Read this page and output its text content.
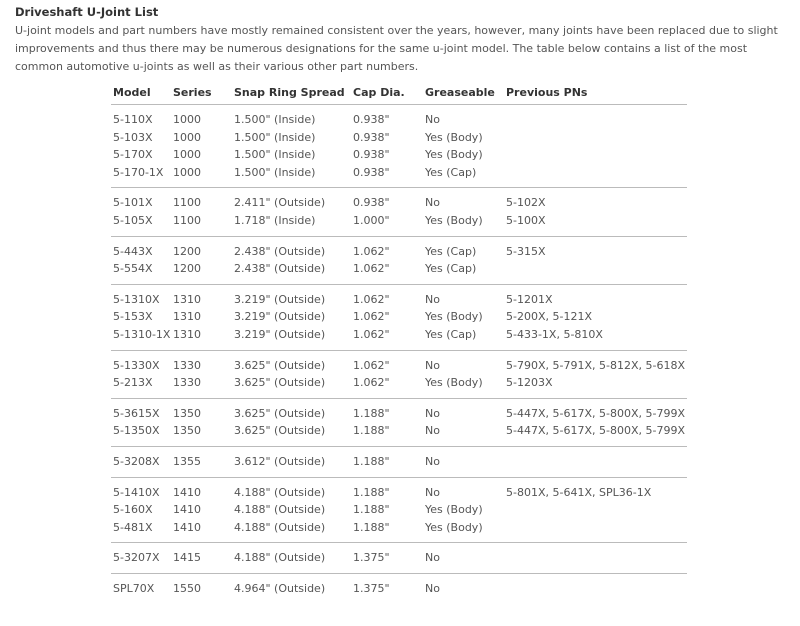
Driveshaft U-Joint List

U-joint models and part numbers have mostly remained consistent over the years, however, many joints have been replaced due to slight improvements and thus there may be numerous designations for the same u-joint model. The table below contains a list of the most common automotive u-joints as well as their various other part numbers.

Model	Series	Snap Ring Spread	Cap Dia.	Greaseable	Previous PNs
5-110X	1000	1.500" (Inside)	0.938"	No	
5-103X	1000	1.500" (Inside)	0.938"	Yes (Body)	
5-170X	1000	1.500" (Inside)	0.938"	Yes (Body)	
5-170-1X	1000	1.500" (Inside)	0.938"	Yes (Cap)	
5-101X	1100	2.411" (Outside)	0.938"	No	5-102X
5-105X	1100	1.718" (Inside)	1.000"	Yes (Body)	5-100X
5-443X	1200	2.438" (Outside)	1.062"	Yes (Cap)	5-315X
5-554X	1200	2.438" (Outside)	1.062"	Yes (Cap)	
5-1310X	1310	3.219" (Outside)	1.062"	No	5-1201X
5-153X	1310	3.219" (Outside)	1.062"	Yes (Body)	5-200X, 5-121X
5-1310-1X	1310	3.219" (Outside)	1.062"	Yes (Cap)	5-433-1X, 5-810X
5-1330X	1330	3.625" (Outside)	1.062"	No	5-790X, 5-791X, 5-812X, 5-618X
5-213X	1330	3.625" (Outside)	1.062"	Yes (Body)	5-1203X
5-3615X	1350	3.625" (Outside)	1.188"	No	5-447X, 5-617X, 5-800X, 5-799X
5-1350X	1350	3.625" (Outside)	1.188"	No	5-447X, 5-617X, 5-800X, 5-799X
5-3208X	1355	3.612" (Outside)	1.188"	No	
5-1410X	1410	4.188" (Outside)	1.188"	No	5-801X, 5-641X, SPL36-1X
5-160X	1410	4.188" (Outside)	1.188"	Yes (Body)	
5-481X	1410	4.188" (Outside)	1.188"	Yes (Body)	
5-3207X	1415	4.188" (Outside)	1.375"	No	
SPL70X	1550	4.964" (Outside)	1.375"	No	
